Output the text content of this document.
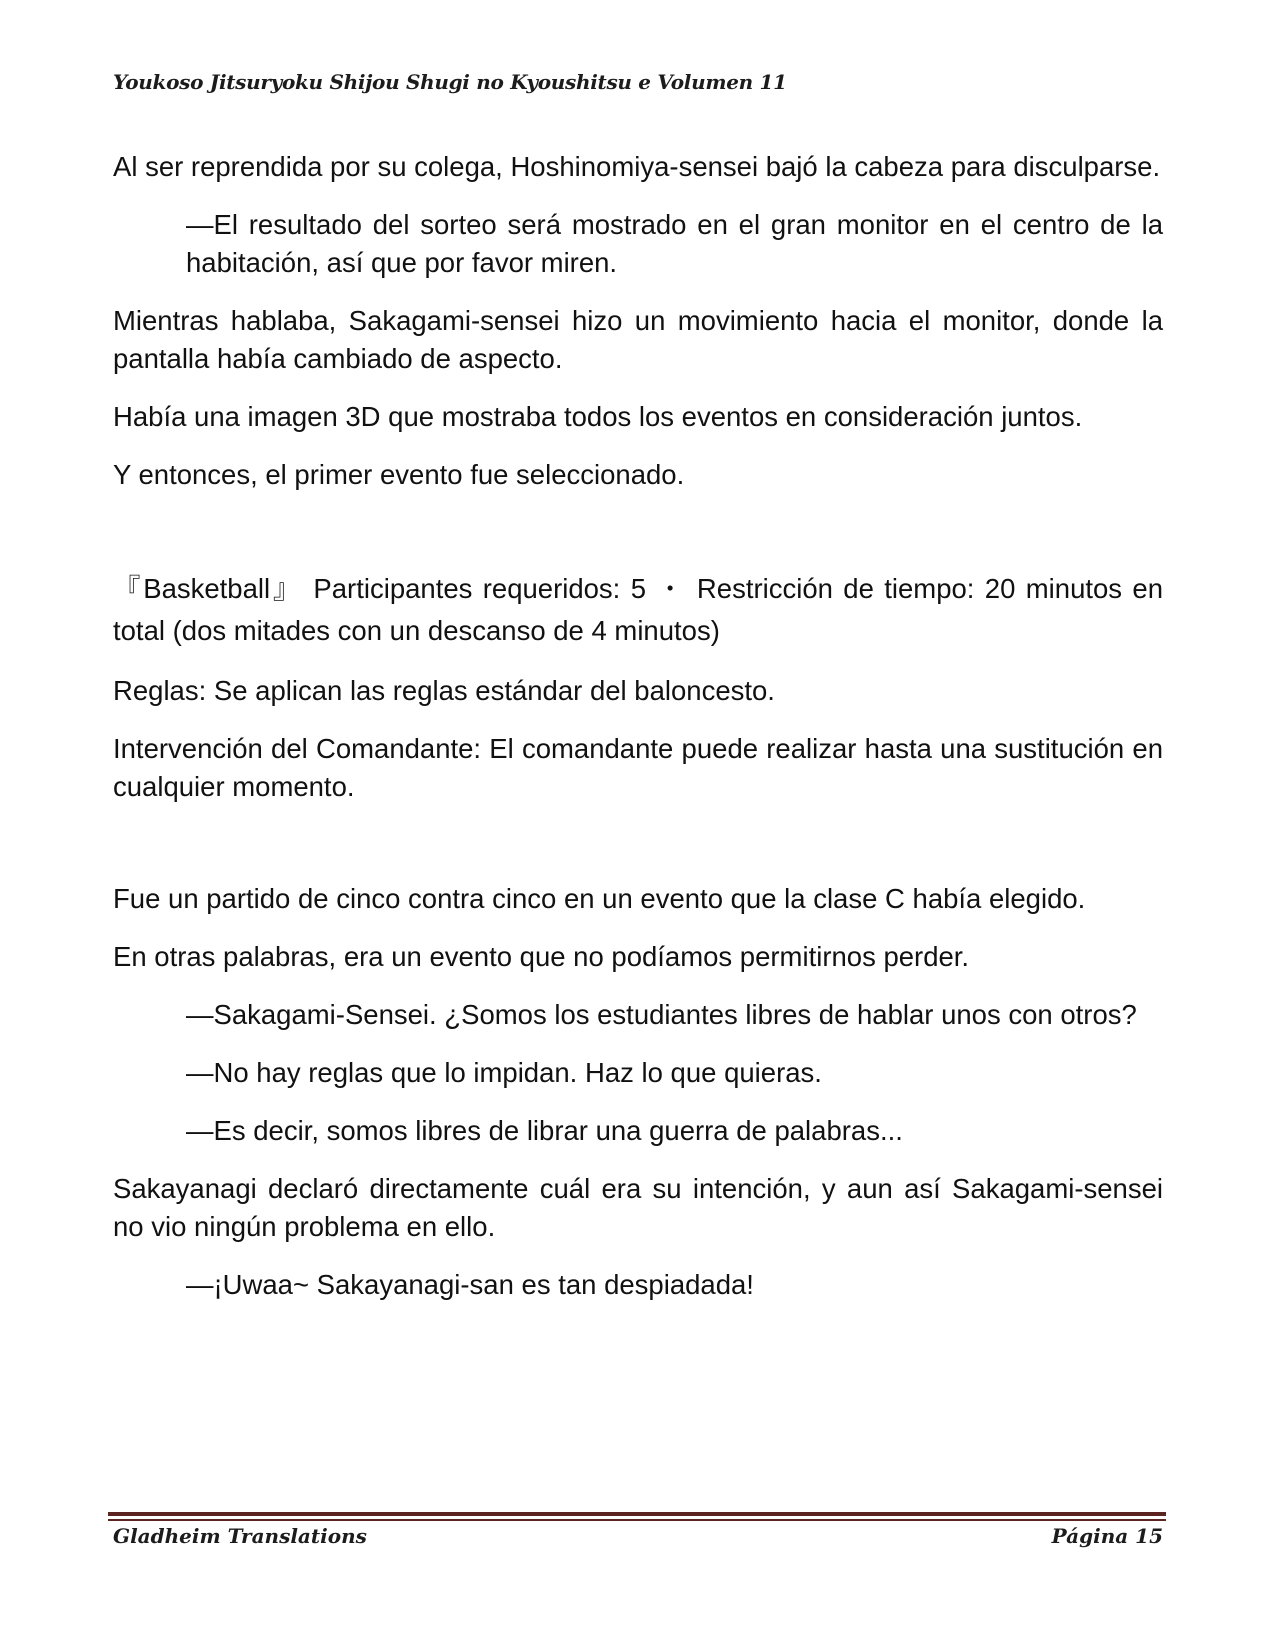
Youkoso Jitsuryoku Shijou Shugi no Kyoushitsu e Volumen 11

Al ser reprendida por su colega, Hoshinomiya-sensei bajó la cabeza para disculparse.

—El resultado del sorteo será mostrado en el gran monitor en el centro de la habitación, así que por favor miren.

Mientras hablaba, Sakagami-sensei hizo un movimiento hacia el monitor, donde la pantalla había cambiado de aspecto.

Había una imagen 3D que mostraba todos los eventos en consideración juntos.

Y entonces, el primer evento fue seleccionado.

『Basketball』 Participantes requeridos: 5 ・ Restricción de tiempo: 20 minutos en total (dos mitades con un descanso de 4 minutos)

Reglas: Se aplican las reglas estándar del baloncesto.

Intervención del Comandante: El comandante puede realizar hasta una sustitución en cualquier momento.

Fue un partido de cinco contra cinco en un evento que la clase C había elegido.

En otras palabras, era un evento que no podíamos permitirnos perder.

—Sakagami-Sensei. ¿Somos los estudiantes libres de hablar unos con otros?

—No hay reglas que lo impidan. Haz lo que quieras.

—Es decir, somos libres de librar una guerra de palabras...

Sakayanagi declaró directamente cuál era su intención, y aun así Sakagami-sensei no vio ningún problema en ello.

—¡Uwaa~ Sakayanagi-san es tan despiadada!

Gladheim Translations	Página 15
